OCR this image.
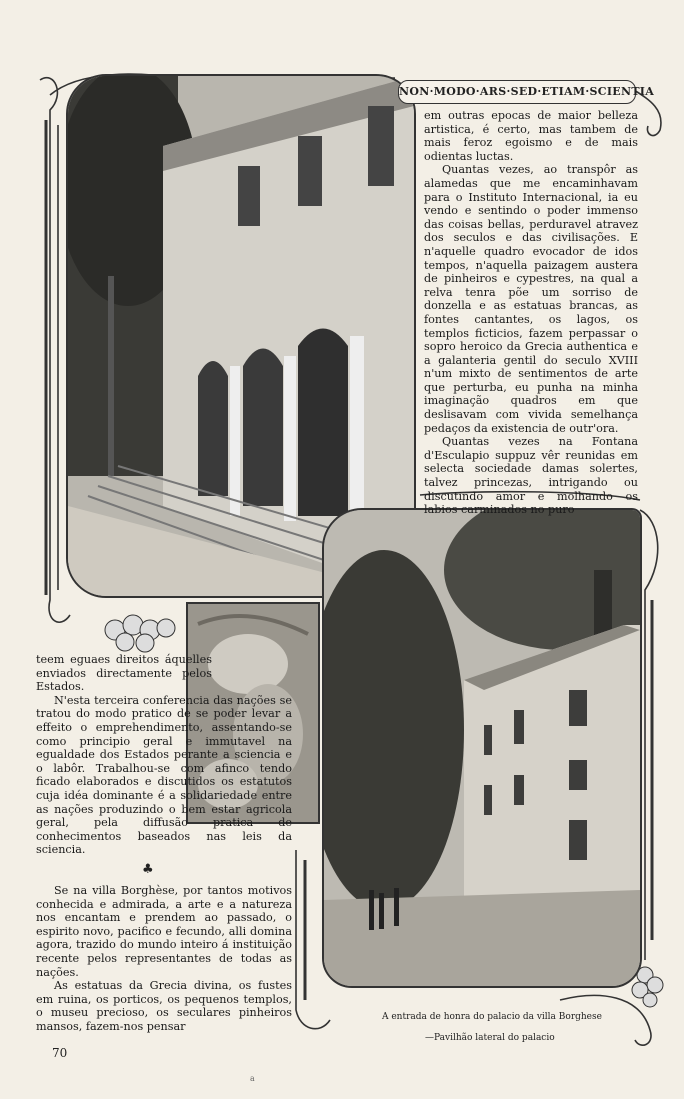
NON·MODO·ARS·SED·ETIAM·SCIENTIA

em outras epocas de maior belleza artistica, é certo, mas tambem de mais feroz egoismo e de mais odientas luctas.

Quantas vezes, ao transpôr as alamedas que me encaminhavam para o Instituto Internacional, ia eu vendo e sentindo o poder immenso das coisas bellas, perduravel atravez dos seculos e das civilisações. E n'aquelle quadro evocador de idos tempos, n'aquella paizagem austera de pinheiros e cypestres, na qual a relva tenra põe um sorriso de donzella e as estatuas brancas, as fontes cantantes, os lagos, os templos ficticios, fazem perpassar o sopro heroico da Grecia authentica e a galanteria gentil do seculo XVIII n'um mixto de sentimentos de arte que perturba, eu punha na minha imaginação quadros em que deslisavam com vivida semelhança pedaços da existencia de outr'ora.

Quantas vezes na Fontana d'Esculapio suppuz vêr reunidas em selecta sociedade damas solertes, talvez princezas, intrigando ou discutindo amor e molhando os labios carminados no puro

teem eguaes direitos áquelles enviados directamente pelos Estados.

N'esta terceira conferencia das nações se tratou do modo pratico de se poder levar a effeito o emprehendimento, assentando-se como principio geral e immutavel na egualdade dos Estados perante a sciencia e o labôr. Trabalhou-se com afinco tendo ficado elaborados e discutidos os estatutos cuja idéa dominante é a solidariedade entre as nações produzindo o bem estar agricola geral, pela diffusão pratica de conhecimentos baseados nas leis da sciencia.

♣

Se na villa Borghèse, por tantos motivos conhecida e admirada, a arte e a natureza nos encantam e prendem ao passado, o espirito novo, pacifico e fecundo, alli domina agora, trazido do mundo inteiro á instituição recente pelos representantes de todas as nações.

As estatuas da Grecia divina, os fustes em ruina, os porticos, os pequenos templos, o museu precioso, os seculares pinheiros mansos, fazem-nos pensar

A entrada de honra do palacio da villa Borghese
—Pavilhão lateral do palacio
70
a
